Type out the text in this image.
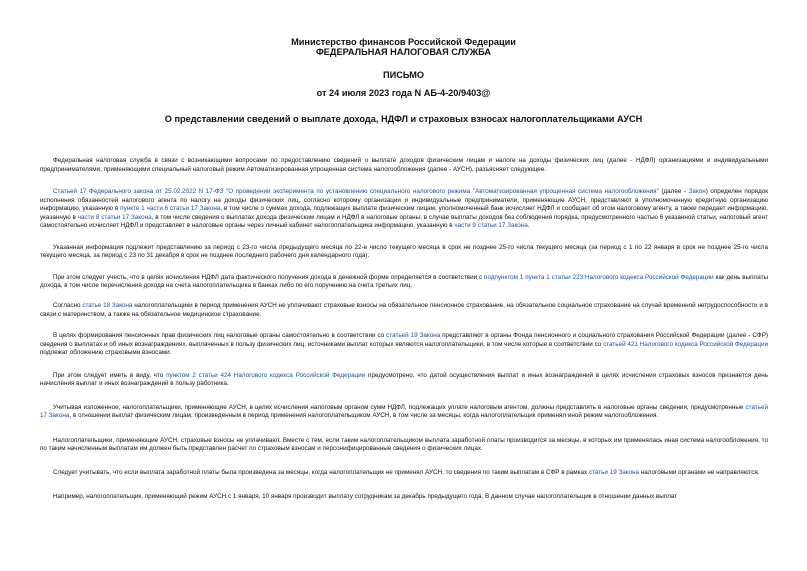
Министерство финансов Российской Федерации
ФЕДЕРАЛЬНАЯ НАЛОГОВАЯ СЛУЖБА
ПИСЬМО
от 24 июля 2023 года N АБ-4-20/9403@
О представлении сведений о выплате дохода, НДФЛ и страховых взносах налогоплательщиками АУСН

Федеральная налоговая служба в связи с возникающими вопросами по предоставлению сведений о выплате доходов физическим лицам и налоге на доходы физических лиц (далее - НДФЛ) организациями и индивидуальными предпринимателями, применяющими специальный налоговый режим Автоматизированная упрощенная система налогообложения (далее - АУСН), разъясняет следующее.

Статьей 17 Федерального закона от 25.02.2022 N 17-ФЗ "О проведении эксперимента по установлению специального налогового режима "Автоматизированная упрощенная система налогообложения" (далее - Закон) определен порядок исполнения обязанностей налогового агента по налогу на доходы физических лиц, согласно которому организации и индивидуальные предприниматели, применяющие АУСН, представляют в уполномоченную кредитную организацию информацию, указанную в пункте 1 части 6 статьи 17 Закона, в том числе о суммах дохода, подлежащих выплате физическим лицам, уполномоченный банк исчисляет НДФЛ и сообщает об этом налоговому агенту, а также передает информацию, указанную в части 8 статьи 17 Закона, в том числе сведения о выплатах дохода физическим лицам и НДФЛ в налоговые органы; в случае выплаты доходов без соблюдения порядка, предусмотренного частью 6 указанной статьи, налоговый агент самостоятельно исчисляет НДФЛ и представляет в налоговые органы через личный кабинет налогоплательщика информацию, указанную в части 9 статьи 17 Закона.

Указанная информация подлежит представлению за период с 23-го числа предыдущего месяца по 22-е число текущего месяца в срок не позднее 25-го числа текущего месяца (за период с 1 по 22 января в срок не позднее 25-го числа текущего месяца, за период с 23 по 31 декабря в срок не позднее последнего рабочего дня календарного года).

При этом следует учесть, что в целях исчисления НДФЛ дата фактического получения дохода в денежной форме определяется в соответствии с подпунктом 1 пункта 1 статьи 223 Налогового кодекса Российской Федерации как день выплаты дохода, в том числе перечисления дохода на счета налогоплательщика в банках либо по его поручению на счета третьих лиц.

Согласно статье 18 Закона налогоплательщики в период применения АУСН не уплачивают страховые взносы на обязательное пенсионное страхование, на обязательное социальное страхование на случай временной нетрудоспособности и в связи с материнством, а также на обязательное медицинское страхование.

В целях формирования пенсионных прав физических лиц налоговые органы самостоятельно в соответствии со статьей 19 Закона представляют в органы Фонда пенсионного и социального страхования Российской Федерации (далее - СФР) сведения о выплатах и об иных вознаграждениях, выплаченных в пользу физических лиц, источниками выплат которых являются налогоплательщики, в том числе которые в соответствии со статьей 421 Налогового кодекса Российской Федерации подлежат обложению страховыми взносами.

При этом следует иметь в виду, что пунктом 2 статьи 424 Налогового кодекса Российской Федерации предусмотрено, что датой осуществления выплат и иных вознаграждений в целях исчисления страховых взносов признается день начисления выплат и иных вознаграждений в пользу работника.

Учитывая изложенное, налогоплательщики, применяющие АУСН, в целях исчисления налоговым органом сумм НДФЛ, подлежащих уплате налоговым агентом, должны представлять в налоговые органы сведения, предусмотренные статьей 17 Закона, в отношении выплат физическим лицам, произведенным в период применения налогоплательщиком АУСН, в том числе за месяцы, когда налогоплательщик применял иной режим налогообложения.

Налогоплательщики, применяющие АУСН, страховые взносы не уплачивают. Вместе с тем, если таким налогоплательщиком выплата заработной платы производится за месяцы, в которых им применялась иная система налогообложения, то по таким начисленным выплатам им должен быть представлен расчет по страховым взносам и персонифицированные сведения о физических лицах.

Следует учитывать, что если выплата заработной платы была произведена за месяцы, когда налогоплательщик не применял АУСН, то сведения по таким выплатам в СФР в рамках статьи 19 Закона налоговыми органами не направляются.

Например, налогоплательщик, применяющий режим АУСН с 1 января, 10 января производит выплату сотрудникам за декабрь предыдущего года. В данном случае налогоплательщик в отношении данных выплат
